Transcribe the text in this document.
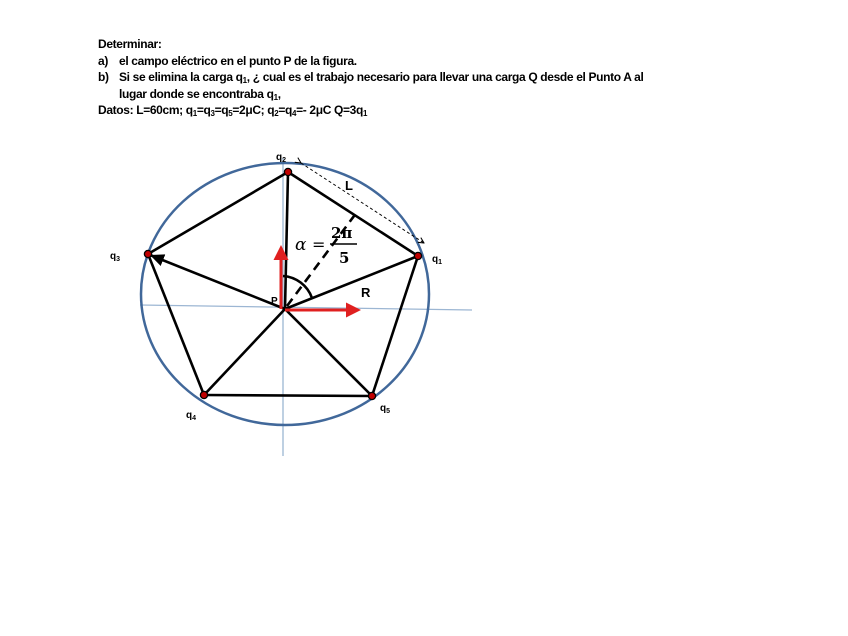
Determinar:
a) el campo eléctrico en el punto P de la figura.
b) Si se elimina la carga $q_1$, ¿ cual es el trabajo necesario para llevar una carga Q desde el Punto A al
lugar donde se encontraba $q_1$,
Datos: L=60cm; $q_1=q_3=q_5=2\mu C$; $q_2=q_4=-$ 2μC $Q=3q_1$
$q_1$
$q_2$
$q_3$
$q_4$
$q_5$
L
R
P
α =
2π
5
